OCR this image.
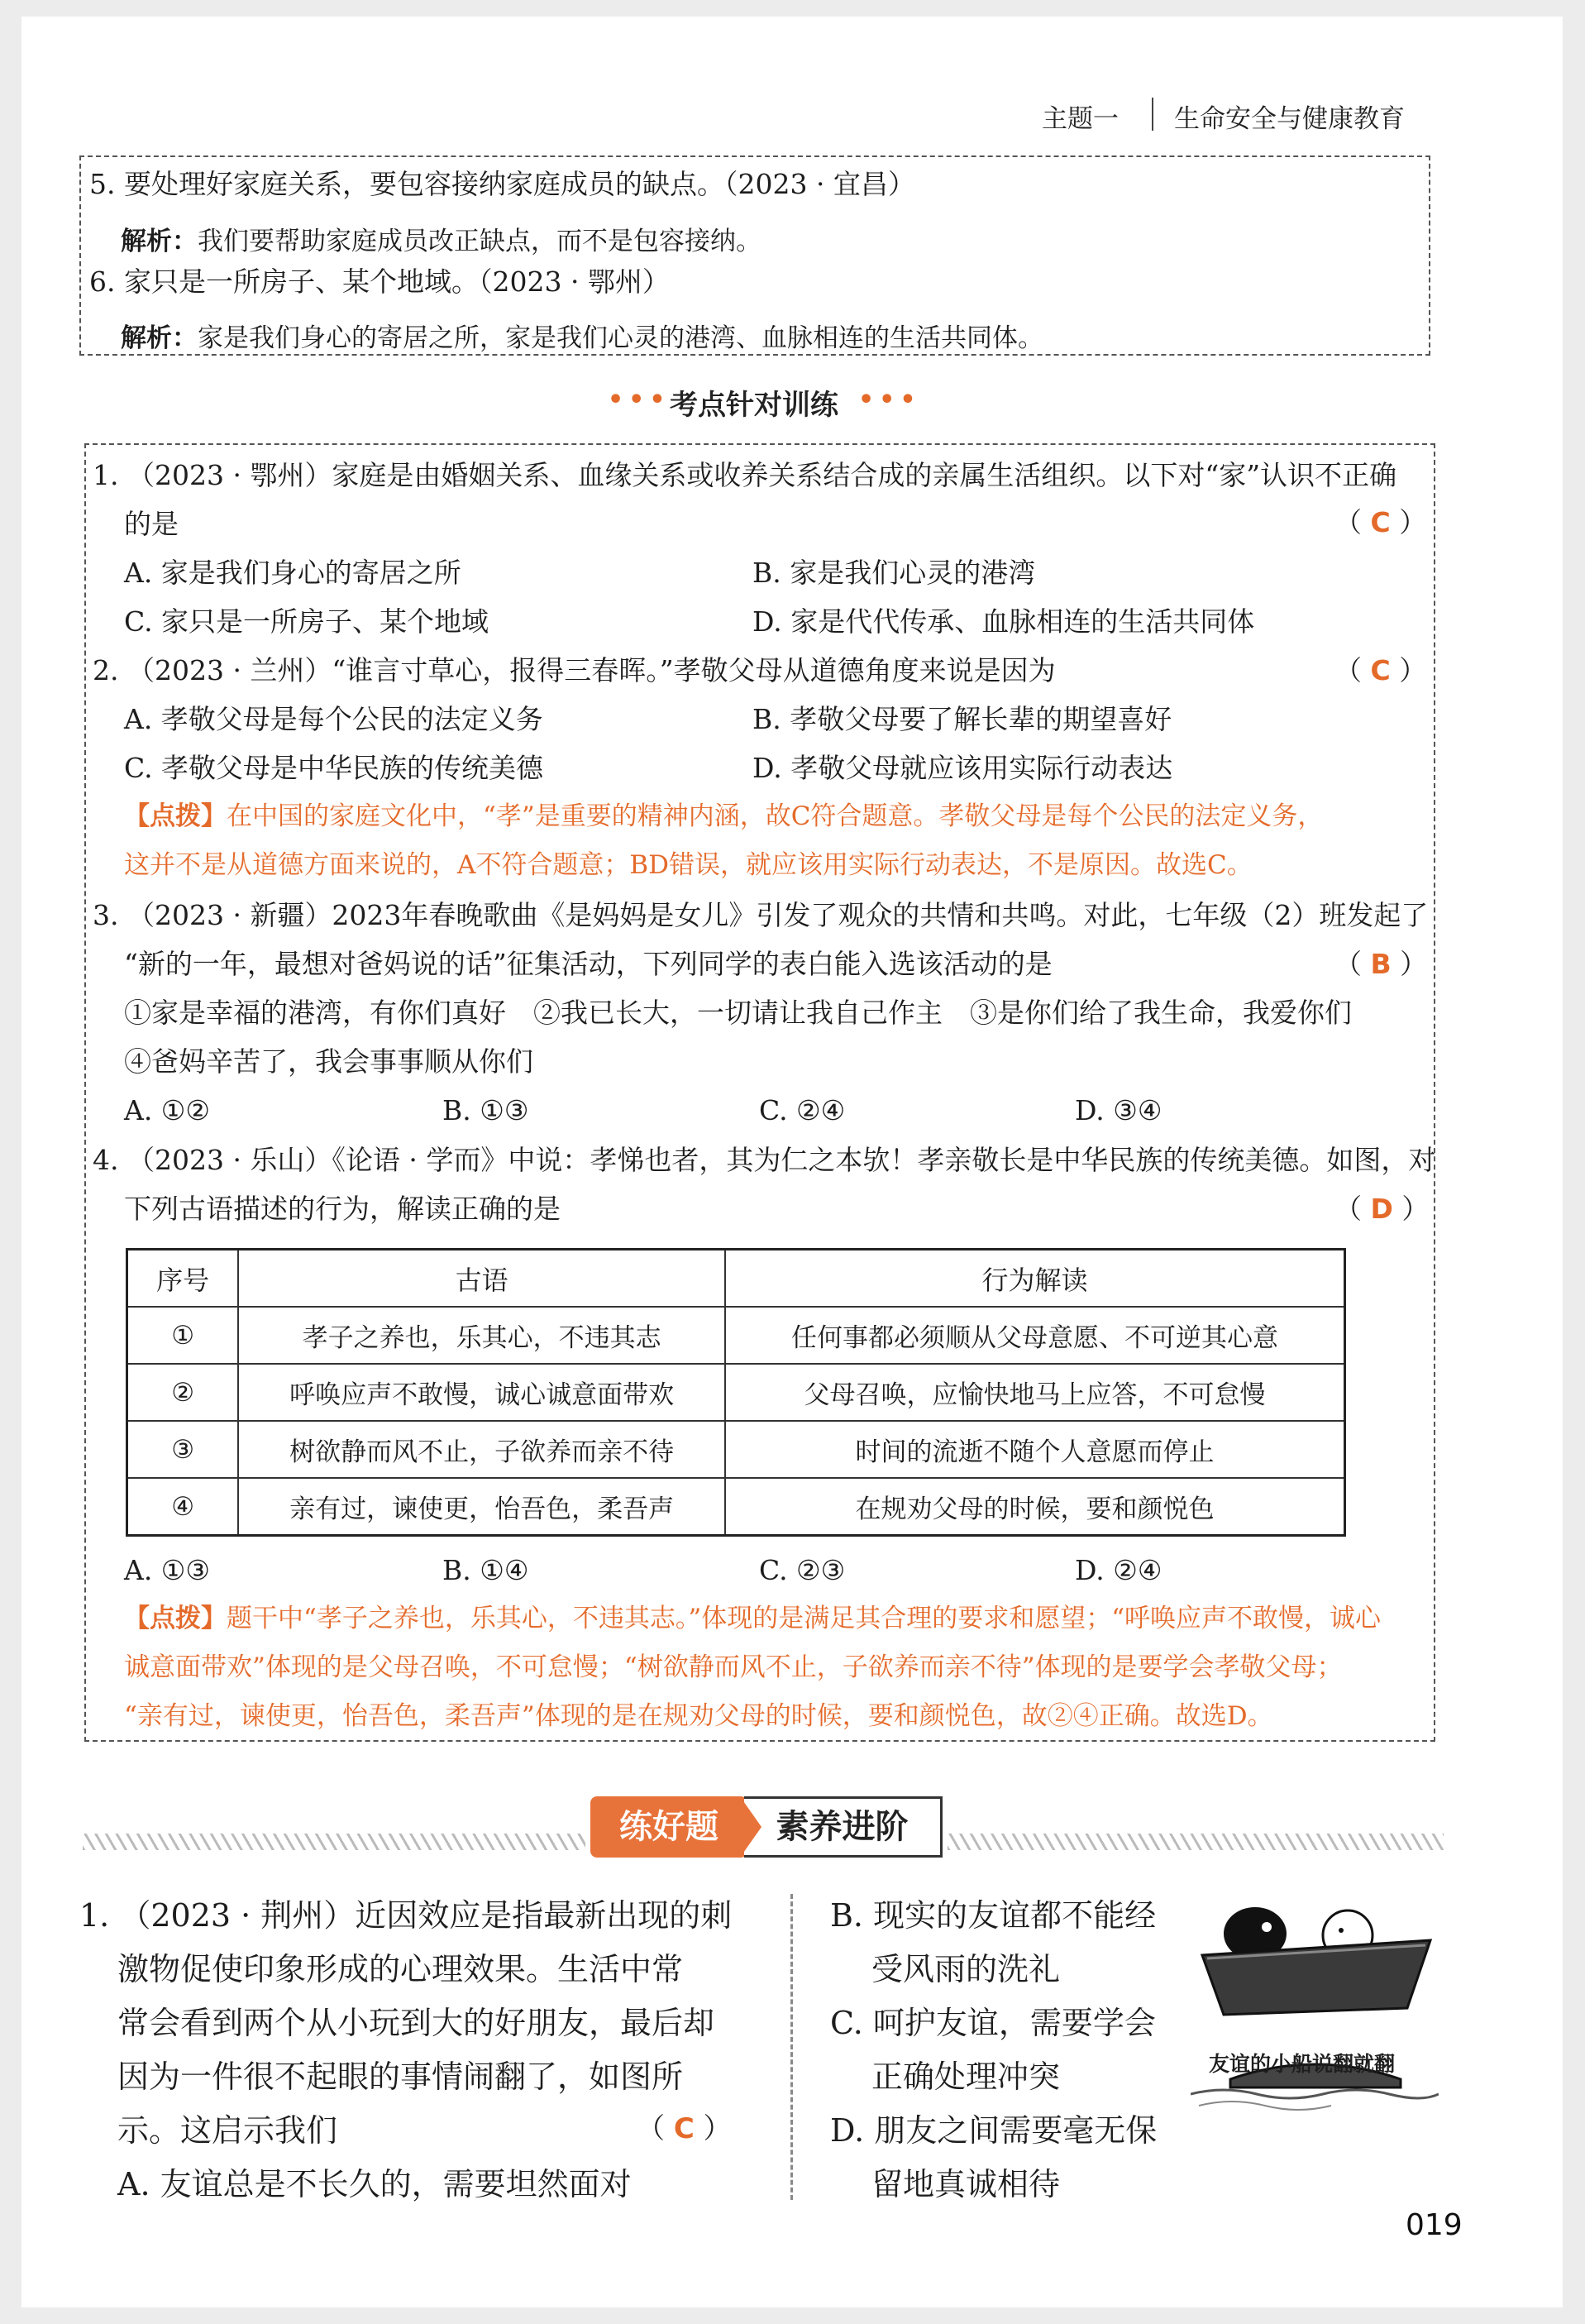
主题一 生命安全与健康教育
5. 要处理好家庭关系，要包容接纳家庭成员的缺点。（2023 · 宜昌）
解析：我们要帮助家庭成员改正缺点，而不是包容接纳。
6. 家只是一所房子、某个地域。（2023 · 鄂州）
解析：家是我们身心的寄居之所，家是我们心灵的港湾、血脉相连的生活共同体。
••• 考点针对训练 •••
1. （2023 · 鄂州）家庭是由婚姻关系、血缘关系或收养关系结合成的亲属生活组织。以下对“家”认识不正确
的是	（ C ）
A. 家是我们身心的寄居之所	B. 家是我们心灵的港湾
C. 家只是一所房子、某个地域	D. 家是代代传承、血脉相连的生活共同体
2. （2023 · 兰州）“谁言寸草心，报得三春晖。”孝敬父母从道德角度来说是因为	（ C ）
A. 孝敬父母是每个公民的法定义务	B. 孝敬父母要了解长辈的期望喜好
C. 孝敬父母是中华民族的传统美德	D. 孝敬父母就应该用实际行动表达
【点拨】在中国的家庭文化中，“孝”是重要的精神内涵，故C符合题意。孝敬父母是每个公民的法定义务，
这并不是从道德方面来说的，A不符合题意；BD错误，就应该用实际行动表达，不是原因。故选C。
3. （2023 · 新疆）2023年春晚歌曲《是妈妈是女儿》引发了观众的共情和共鸣。对此，七年级（2）班发起了
“新的一年，最想对爸妈说的话”征集活动，下列同学的表白能入选该活动的是	（ B ）
①家是幸福的港湾，有你们真好　②我已长大，一切请让我自己作主　③是你们给了我生命，我爱你们
④爸妈辛苦了，我会事事顺从你们
A. ①②	B. ①③	C. ②④	D. ③④
4. （2023 · 乐山）《论语 · 学而》中说：孝悌也者，其为仁之本欤！孝亲敬长是中华民族的传统美德。如图，对
下列古语描述的行为，解读正确的是	（ D ）
序号	古语	行为解读
①	孝子之养也，乐其心，不违其志	任何事都必须顺从父母意愿、不可逆其心意
②	呼唤应声不敢慢，诚心诚意面带欢	父母召唤，应愉快地马上应答，不可怠慢
③	树欲静而风不止，子欲养而亲不待	时间的流逝不随个人意愿而停止
④	亲有过，谏使更，怡吾色，柔吾声	在规劝父母的时候，要和颜悦色
A. ①③	B. ①④	C. ②③	D. ②④
【点拨】题干中“孝子之养也，乐其心，不违其志。”体现的是满足其合理的要求和愿望；“呼唤应声不敢慢，诚心
诚意面带欢”体现的是父母召唤，不可怠慢；“树欲静而风不止，子欲养而亲不待”体现的是要学会孝敬父母；
“亲有过，谏使更，怡吾色，柔吾声”体现的是在规劝父母的时候，要和颜悦色，故②④正确。故选D。
练好题	素养进阶
1. （2023 · 荆州）近因效应是指最新出现的刺
激物促使印象形成的心理效果。生活中常
常会看到两个从小玩到大的好朋友，最后却
因为一件很不起眼的事情闹翻了，如图所
示。这启示我们	（ C ）
A. 友谊总是不长久的，需要坦然面对
B. 现实的友谊都不能经
受风雨的洗礼
C. 呵护友谊，需要学会
正确处理冲突
D. 朋友之间需要毫无保
留地真诚相待
友谊的小船说翻就翻
019
